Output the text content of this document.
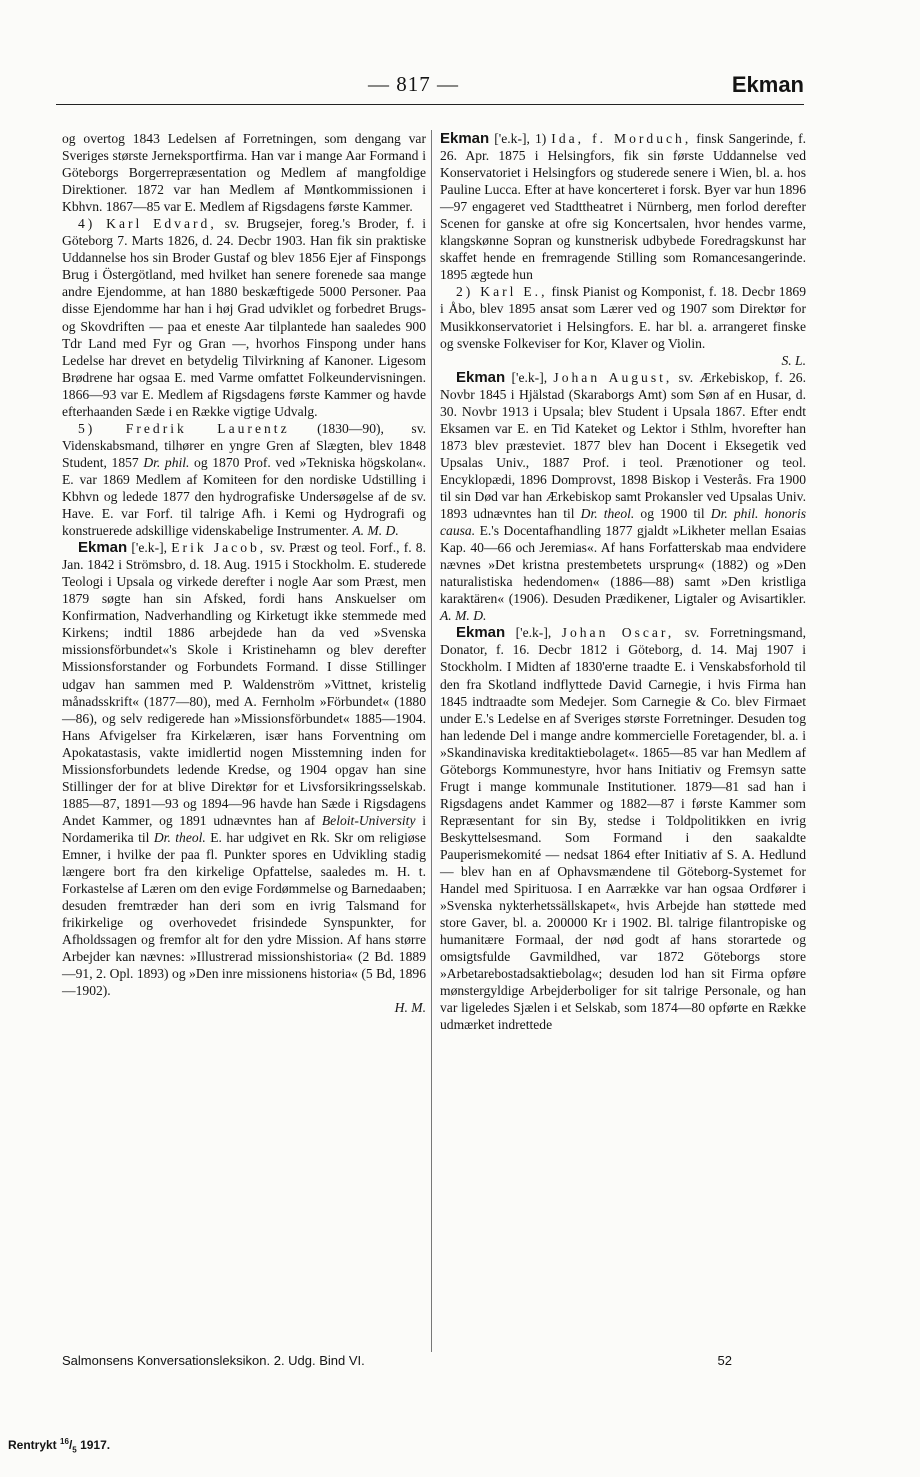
— 817 —	Ekman

og overtog 1843 Ledelsen af Forretningen, som dengang var Sveriges største Jerneksportfirma. Han var i mange Aar Formand i Göteborgs Borgerrepræsentation og Medlem af mangfoldige Direktioner. 1872 var han Medlem af Møntkommissionen i Kbhvn. 1867—85 var E. Medlem af Rigsdagens første Kammer.

4) Karl Edvard, sv. Brugsejer, foreg.'s Broder, f. i Göteborg 7. Marts 1826, d. 24. Decbr 1903. Han fik sin praktiske Uddannelse hos sin Broder Gustaf og blev 1856 Ejer af Finspongs Brug i Östergötland, med hvilket han senere forenede saa mange andre Ejendomme, at han 1880 beskæftigede 5000 Personer. Paa disse Ejendomme har han i høj Grad udviklet og forbedret Brugs- og Skovdriften — paa et eneste Aar tilplantede han saaledes 900 Tdr Land med Fyr og Gran —, hvorhos Finspong under hans Ledelse har drevet en betydelig Tilvirkning af Kanoner. Ligesom Brødrene har ogsaa E. med Varme omfattet Folkeundervisningen. 1866—93 var E. Medlem af Rigsdagens første Kammer og havde efterhaanden Sæde i en Række vigtige Udvalg.

5) Fredrik Laurentz (1830—90), sv. Videnskabsmand, tilhører en yngre Gren af Slægten, blev 1848 Student, 1857 Dr. phil. og 1870 Prof. ved »Tekniska högskolan«. E. var 1869 Medlem af Komiteen for den nordiske Udstilling i Kbhvn og ledede 1877 den hydrografiske Undersøgelse af de sv. Have. E. var Forf. til talrige Afh. i Kemi og Hydrografi og konstruerede adskillige videnskabelige Instrumenter. A. M. D.

Ekman ['e.k-], Erik Jacob, sv. Præst og teol. Forf., f. 8. Jan. 1842 i Strömsbro, d. 18. Aug. 1915 i Stockholm. E. studerede Teologi i Upsala og virkede derefter i nogle Aar som Præst, men 1879 søgte han sin Afsked, fordi hans Anskuelser om Konfirmation, Nadverhandling og Kirketugt ikke stemmede med Kirkens; indtil 1886 arbejdede han da ved »Svenska missionsförbundet«'s Skole i Kristinehamn og blev derefter Missionsforstander og Forbundets Formand. I disse Stillinger udgav han sammen med P. Waldenström »Vittnet, kristelig månadsskrift« (1877—80), med A. Fernholm »Förbundet« (1880—86), og selv redigerede han »Missionsförbundet« 1885—1904. Hans Afvigelser fra Kirkelæren, især hans Forventning om Apokatastasis, vakte imidlertid nogen Misstemning inden for Missionsforbundets ledende Kredse, og 1904 opgav han sine Stillinger der for at blive Direktør for et Livsforsikringsselskab. 1885—87, 1891—93 og 1894—96 havde han Sæde i Rigsdagens Andet Kammer, og 1891 udnævntes han af Beloit-University i Nordamerika til Dr. theol. E. har udgivet en Rk. Skr om religiøse Emner, i hvilke der paa fl. Punkter spores en Udvikling stadig længere bort fra den kirkelige Opfattelse, saaledes m. H. t. Forkastelse af Læren om den evige Fordømmelse og Barnedaaben; desuden fremtræder han deri som en ivrig Talsmand for frikirkelige og overhovedet frisindede Synspunkter, for Afholdssagen og fremfor alt for den ydre Mission. Af hans større Arbejder kan nævnes: »Illustrerad missionshistoria« (2 Bd. 1889—91, 2. Opl. 1893) og »Den inre missionens historia« (5 Bd, 1896—1902).
H. M.

Ekman ['e.k-], 1) Ida, f. Morduch, finsk Sangerinde, f. 26. Apr. 1875 i Helsingfors, fik sin første Uddannelse ved Konservatoriet i Helsingfors og studerede senere i Wien, bl. a. hos Pauline Lucca. Efter at have koncerteret i forsk. Byer var hun 1896—97 engageret ved Stadttheatret i Nürnberg, men forlod derefter Scenen for ganske at ofre sig Koncertsalen, hvor hendes varme, klangskønne Sopran og kunstnerisk udbybede Foredragskunst har skaffet hende en fremragende Stilling som Romancesangerinde. 1895 ægtede hun

2) Karl E., finsk Pianist og Komponist, f. 18. Decbr 1869 i Åbo, blev 1895 ansat som Lærer ved og 1907 som Direktør for Musikkonservatoriet i Helsingfors. E. har bl. a. arrangeret finske og svenske Folkeviser for Kor, Klaver og Violin.
S. L.

Ekman ['e.k-], Johan August, sv. Ærkebiskop, f. 26. Novbr 1845 i Hjälstad (Skaraborgs Amt) som Søn af en Husar, d. 30. Novbr 1913 i Upsala; blev Student i Upsala 1867. Efter endt Eksamen var E. en Tid Kateket og Lektor i Sthlm, hvorefter han 1873 blev præsteviet. 1877 blev han Docent i Eksegetik ved Upsalas Univ., 1887 Prof. i teol. Prænotioner og teol. Encyklopædi, 1896 Domprovst, 1898 Biskop i Vesterås. Fra 1900 til sin Død var han Ærkebiskop samt Prokansler ved Upsalas Univ. 1893 udnævntes han til Dr. theol. og 1900 til Dr. phil. honoris causa. E.'s Docentafhandling 1877 gjaldt »Likheter mellan Esaias Kap. 40—66 och Jeremias«. Af hans Forfatterskab maa endvidere nævnes »Det kristna prestembetets ursprung« (1882) og »Den naturalistiska hedendomen« (1886—88) samt »Den kristliga karaktären« (1906). Desuden Prædikener, Ligtaler og Avisartikler. A. M. D.

Ekman ['e.k-], Johan Oscar, sv. Forretningsmand, Donator, f. 16. Decbr 1812 i Göteborg, d. 14. Maj 1907 i Stockholm. I Midten af 1830'erne traadte E. i Venskabsforhold til den fra Skotland indflyttede David Carnegie, i hvis Firma han 1845 indtraadte som Medejer. Som Carnegie & Co. blev Firmaet under E.'s Ledelse en af Sveriges største Forretninger. Desuden tog han ledende Del i mange andre kommercielle Foretagender, bl. a. i »Skandinaviska kreditaktiebolaget«. 1865—85 var han Medlem af Göteborgs Kommunestyre, hvor hans Initiativ og Fremsyn satte Frugt i mange kommunale Institutioner. 1879—81 sad han i Rigsdagens andet Kammer og 1882—87 i første Kammer som Repræsentant for sin By, stedse i Toldpolitikken en ivrig Beskyttelsesmand. Som Formand i den saakaldte Pauperismekomité — nedsat 1864 efter Initiativ af S. A. Hedlund — blev han en af Ophavsmændene til Göteborg-Systemet for Handel med Spirituosa. I en Aarrække var han ogsaa Ordfører i »Svenska nykterhetssällskapet«, hvis Arbejde han støttede med store Gaver, bl. a. 200000 Kr i 1902. Bl. talrige filantropiske og humanitære Formaal, der nød godt af hans storartede og omsigtsfulde Gavmildhed, var 1872 Göteborgs store »Arbetarebostadsaktiebolag«; desuden lod han sit Firma opføre mønstergyldige Arbejderboliger for sit talrige Personale, og han var ligeledes Sjælen i et Selskab, som 1874—80 opførte en Række udmærket indrettede

Salmonsens Konversationsleksikon. 2. Udg. Bind VI.	52
Rentrykt $^{16}/_5$ 1917.
